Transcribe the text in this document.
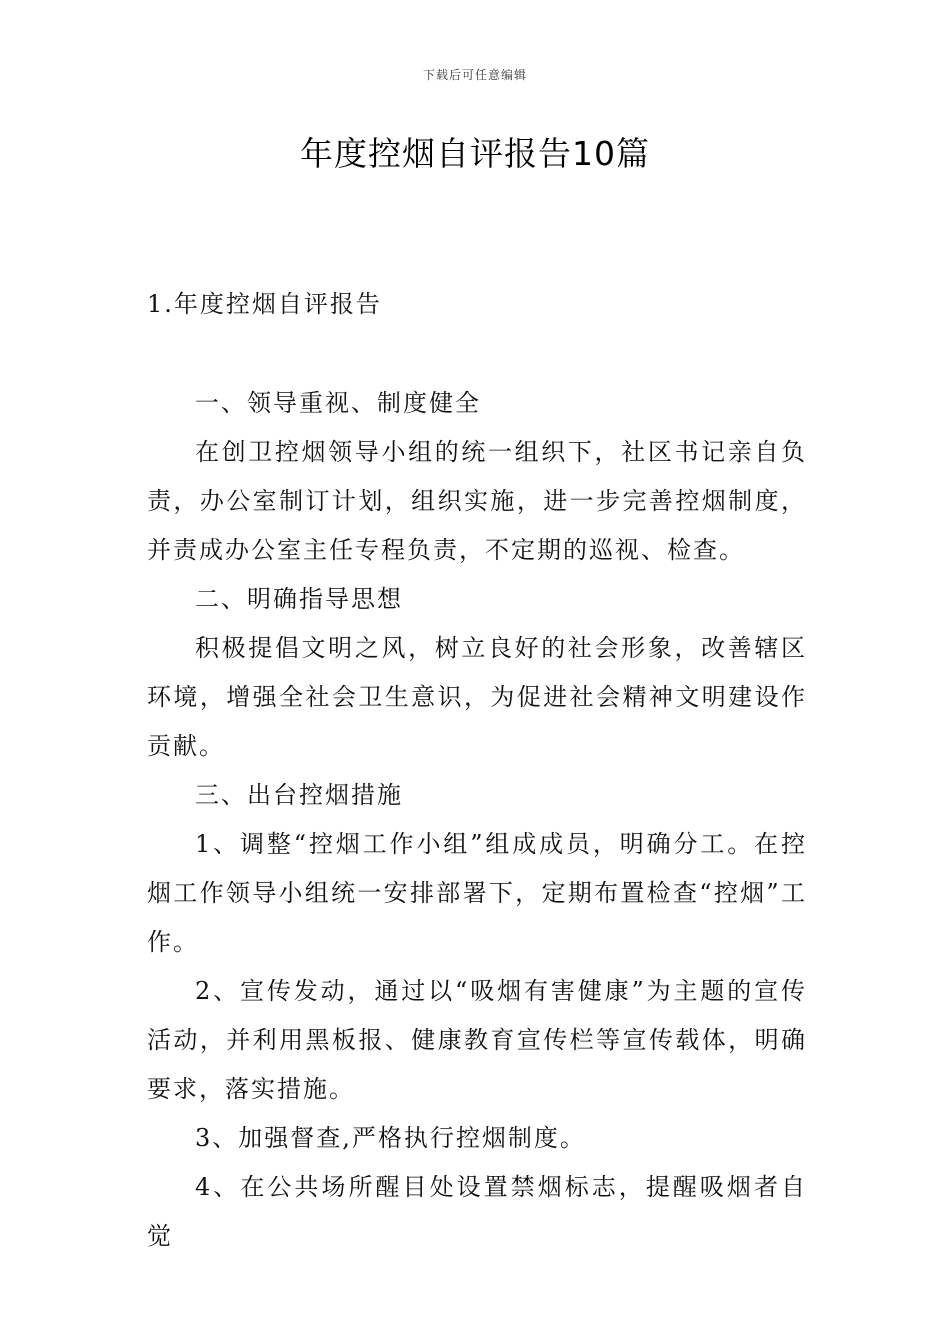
下载后可任意编辑
年度控烟自评报告10篇

1.年度控烟自评报告

一、领导重视、制度健全

在创卫控烟领导小组的统一组织下，社区书记亲自负责，办公室制订计划，组织实施，进一步完善控烟制度，并责成办公室主任专程负责，不定期的巡视、检查。

二、明确指导思想

积极提倡文明之风，树立良好的社会形象，改善辖区环境，增强全社会卫生意识，为促进社会精神文明建设作贡献。

三、出台控烟措施

1、调整“控烟工作小组”组成成员，明确分工。在控烟工作领导小组统一安排部署下，定期布置检查“控烟”工作。

2、宣传发动，通过以“吸烟有害健康”为主题的宣传活动，并利用黑板报、健康教育宣传栏等宣传载体，明确要求，落实措施。

3、加强督查,严格执行控烟制度。

4、在公共场所醒目处设置禁烟标志，提醒吸烟者自觉
